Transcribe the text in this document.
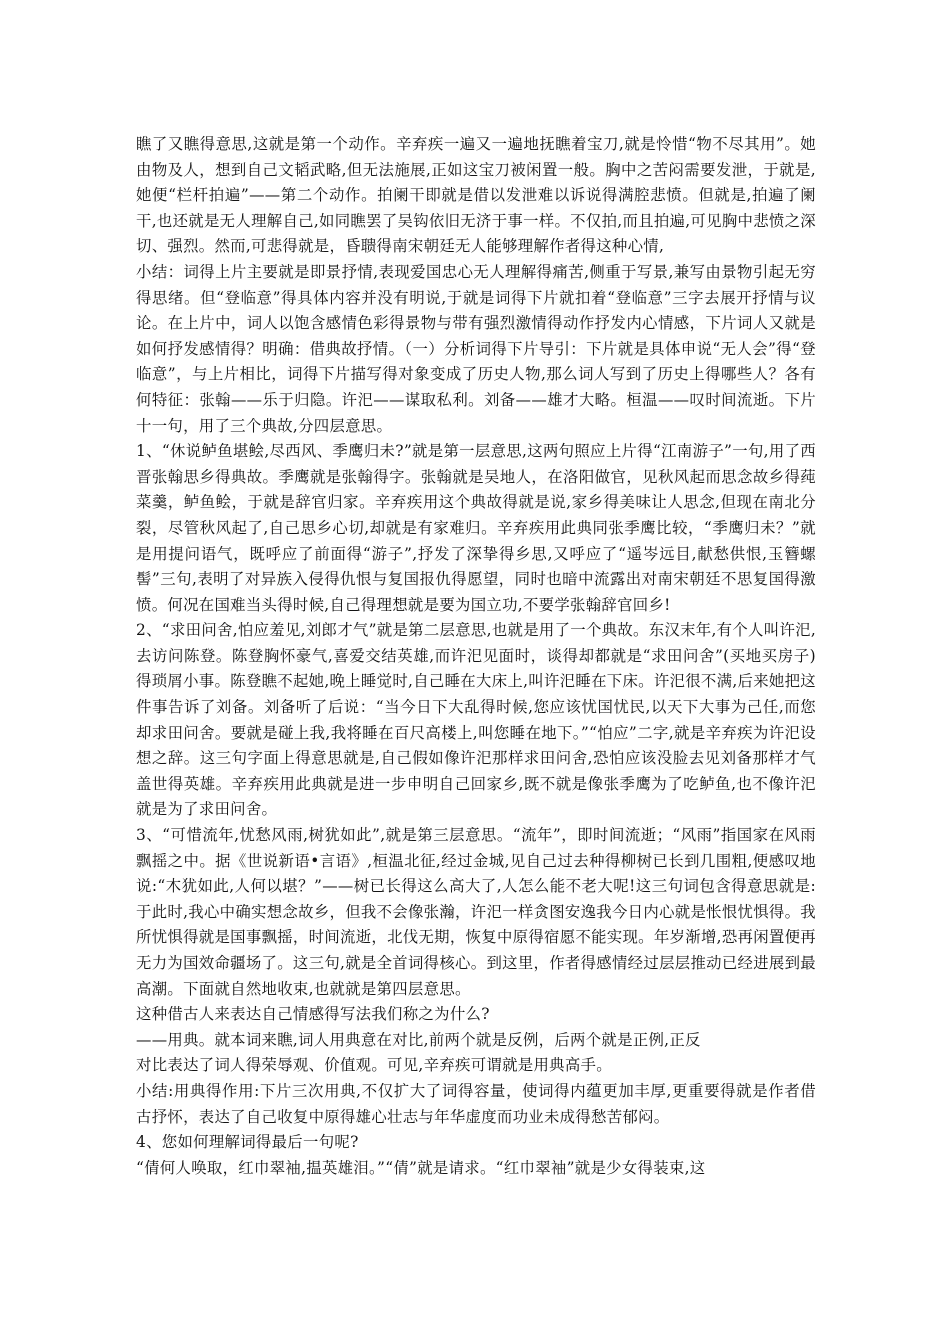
瞧了又瞧得意思,这就是第一个动作。辛弃疾一遍又一遍地抚瞧着宝刀,就是怜惜“物不尽其用”。她由物及人，想到自己文韬武略,但无法施展,正如这宝刀被闲置一般。胸中之苦闷需要发泄，于就是,她便“栏杆拍遍”——第二个动作。拍阑干即就是借以发泄难以诉说得满腔悲愤。但就是,拍遍了阑干,也还就是无人理解自己,如同瞧罢了吴钩依旧无济于事一样。不仅拍,而且拍遍,可见胸中悲愤之深切、强烈。然而,可悲得就是，昏聩得南宋朝廷无人能够理解作者得这种心情,

小结：词得上片主要就是即景抒情,表现爱国忠心无人理解得痛苦,侧重于写景,兼写由景物引起无穷得思绪。但“登临意”得具体内容并没有明说,于就是词得下片就扣着“登临意”三字去展开抒情与议论。在上片中，词人以饱含感情色彩得景物与带有强烈激情得动作抒发内心情感，下片词人又就是如何抒发感情得？明确：借典故抒情。（一）分析词得下片导引：下片就是具体申说“无人会”得“登临意”，与上片相比，词得下片描写得对象变成了历史人物,那么词人写到了历史上得哪些人？各有何特征：张翰——乐于归隐。许汜——谋取私利。刘备——雄才大略。桓温——叹时间流逝。下片十一句，用了三个典故,分四层意思。

1、“休说鲈鱼堪鲙,尽西风、季鹰归未?”就是第一层意思,这两句照应上片得“江南游子”一句,用了西晋张翰思乡得典故。季鹰就是张翰得字。张翰就是吴地人，在洛阳做官，见秋风起而思念故乡得莼菜羹，鲈鱼鲙，于就是辞官归家。辛弃疾用这个典故得就是说,家乡得美味让人思念,但现在南北分裂，尽管秋风起了,自己思乡心切,却就是有家难归。辛弃疾用此典同张季鹰比较，“季鹰归未？”就是用提问语气，既呼应了前面得“游子”,抒发了深挚得乡思,又呼应了“遥岑远目,献愁供恨,玉簪螺髻”三句,表明了对异族入侵得仇恨与复国报仇得愿望，同时也暗中流露出对南宋朝廷不思复国得激愤。何况在国难当头得时候,自己得理想就是要为国立功,不要学张翰辞官回乡!

2、“求田问舍,怕应羞见,刘郎才气”就是第二层意思,也就是用了一个典故。东汉末年,有个人叫许汜,去访问陈登。陈登胸怀豪气,喜爱交结英雄,而许汜见面时，谈得却都就是“求田问舍”(买地买房子)得琐屑小事。陈登瞧不起她,晚上睡觉时,自己睡在大床上,叫许汜睡在下床。许汜很不满,后来她把这件事告诉了刘备。刘备听了后说：“当今日下大乱得时候,您应该忧国忧民,以天下大事为己任,而您却求田问舍。要就是碰上我,我将睡在百尺高楼上,叫您睡在地下。”“怕应”二字,就是辛弃疾为许汜设想之辞。这三句字面上得意思就是,自己假如像许汜那样求田问舍,恐怕应该没脸去见刘备那样才气盖世得英雄。辛弃疾用此典就是进一步申明自己回家乡,既不就是像张季鹰为了吃鲈鱼,也不像许汜就是为了求田问舍。

3、“可惜流年,忧愁风雨,树犹如此”,就是第三层意思。“流年”，即时间流逝；“风雨”指国家在风雨飘摇之中。据《世说新语•言语》,桓温北征,经过金城,见自己过去种得柳树已长到几围粗,便感叹地说:“木犹如此,人何以堪？”——树已长得这么高大了,人怎么能不老大呢!这三句词包含得意思就是:于此时,我心中确实想念故乡，但我不会像张瀚，许汜一样贪图安逸我今日内心就是怅恨忧惧得。我所忧惧得就是国事飘摇，时间流逝，北伐无期，恢复中原得宿愿不能实现。年岁渐增,恐再闲置便再无力为国效命疆场了。这三句,就是全首词得核心。到这里，作者得感情经过层层推动已经进展到最高潮。下面就自然地收束,也就就是第四层意思。

这种借古人来表达自己情感得写法我们称之为什么?

——用典。就本词来瞧,词人用典意在对比,前两个就是反例，后两个就是正例,正反

对比表达了词人得荣辱观、价值观。可见,辛弃疾可谓就是用典高手。

小结:用典得作用:下片三次用典,不仅扩大了词得容量，使词得内蕴更加丰厚,更重要得就是作者借古抒怀，表达了自己收复中原得雄心壮志与年华虚度而功业未成得愁苦郁闷。

4、您如何理解词得最后一句呢?

“倩何人唤取，红巾翠袖,揾英雄泪。”“倩”就是请求。“红巾翠袖”就是少女得装束,这
